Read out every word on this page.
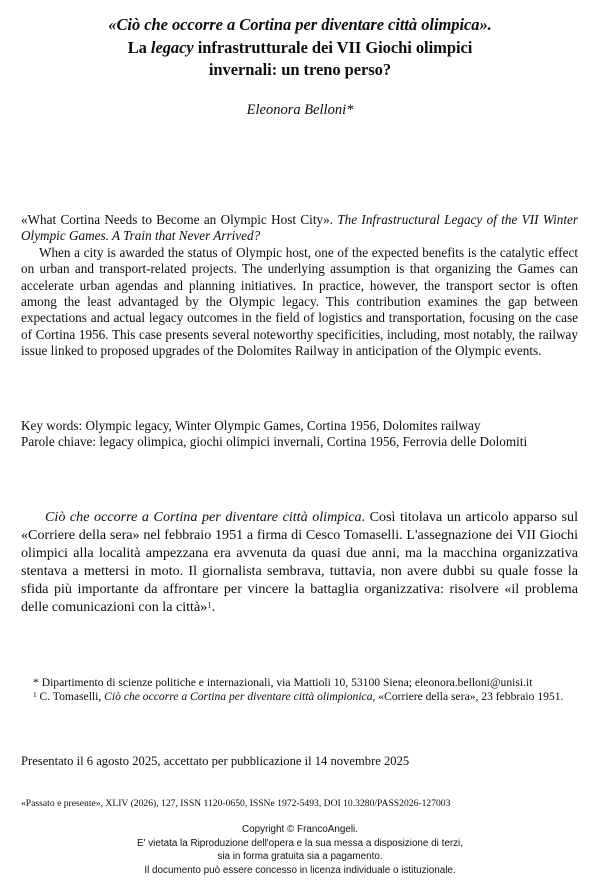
«Ciò che occorre a Cortina per diventare città olimpica».
La legacy infrastrutturale dei VII Giochi olimpici
invernali: un treno perso?
Eleonora Belloni*

«What Cortina Needs to Become an Olympic Host City». The Infrastructural Legacy of the VII Winter Olympic Games. A Train that Never Arrived?

When a city is awarded the status of Olympic host, one of the expected benefits is the catalytic effect on urban and transport-related projects. The underlying assumption is that organizing the Games can accelerate urban agendas and planning initiatives. In practice, however, the transport sector is often among the least advantaged by the Olympic legacy. This contribution examines the gap between expectations and actual legacy outcomes in the field of logistics and transportation, focusing on the case of Cortina 1956. This case presents several noteworthy specificities, including, most notably, the railway issue linked to proposed upgrades of the Dolomites Railway in anticipation of the Olympic events.

Key words: Olympic legacy, Winter Olympic Games, Cortina 1956, Dolomites railway

Parole chiave: legacy olimpica, giochi olimpici invernali, Cortina 1956, Ferrovia delle Dolomiti

Ciò che occorre a Cortina per diventare città olimpica. Così titolava un articolo apparso sul «Corriere della sera» nel febbraio 1951 a firma di Cesco Tomaselli. L'assegnazione dei VII Giochi olimpici alla località ampezzana era avvenuta da quasi due anni, ma la macchina organizzativa stentava a mettersi in moto. Il giornalista sembrava, tuttavia, non avere dubbi su quale fosse la sfida più importante da affrontare per vincere la battaglia organizzativa: risolvere «il problema delle comunicazioni con la città»$^1$.

* Dipartimento di scienze politiche e internazionali, via Mattioli 10, 53100 Siena; eleonora.belloni@unisi.it

$^1$ C. Tomaselli, Ciò che occorre a Cortina per diventare città olimpionica, «Corriere della sera», 23 febbraio 1951.

Presentato il 6 agosto 2025, accettato per pubblicazione il 14 novembre 2025
«Passato e presente», XLIV (2026), 127, ISSN 1120-0650, ISSNe 1972-5493, DOI 10.3280/PASS2026-127003
Copyright © FrancoAngeli.
E' vietata la Riproduzione dell'opera e la sua messa a disposizione di terzi,
sia in forma gratuita sia a pagamento.
Il documento può essere concesso in licenza individuale o istituzionale.
